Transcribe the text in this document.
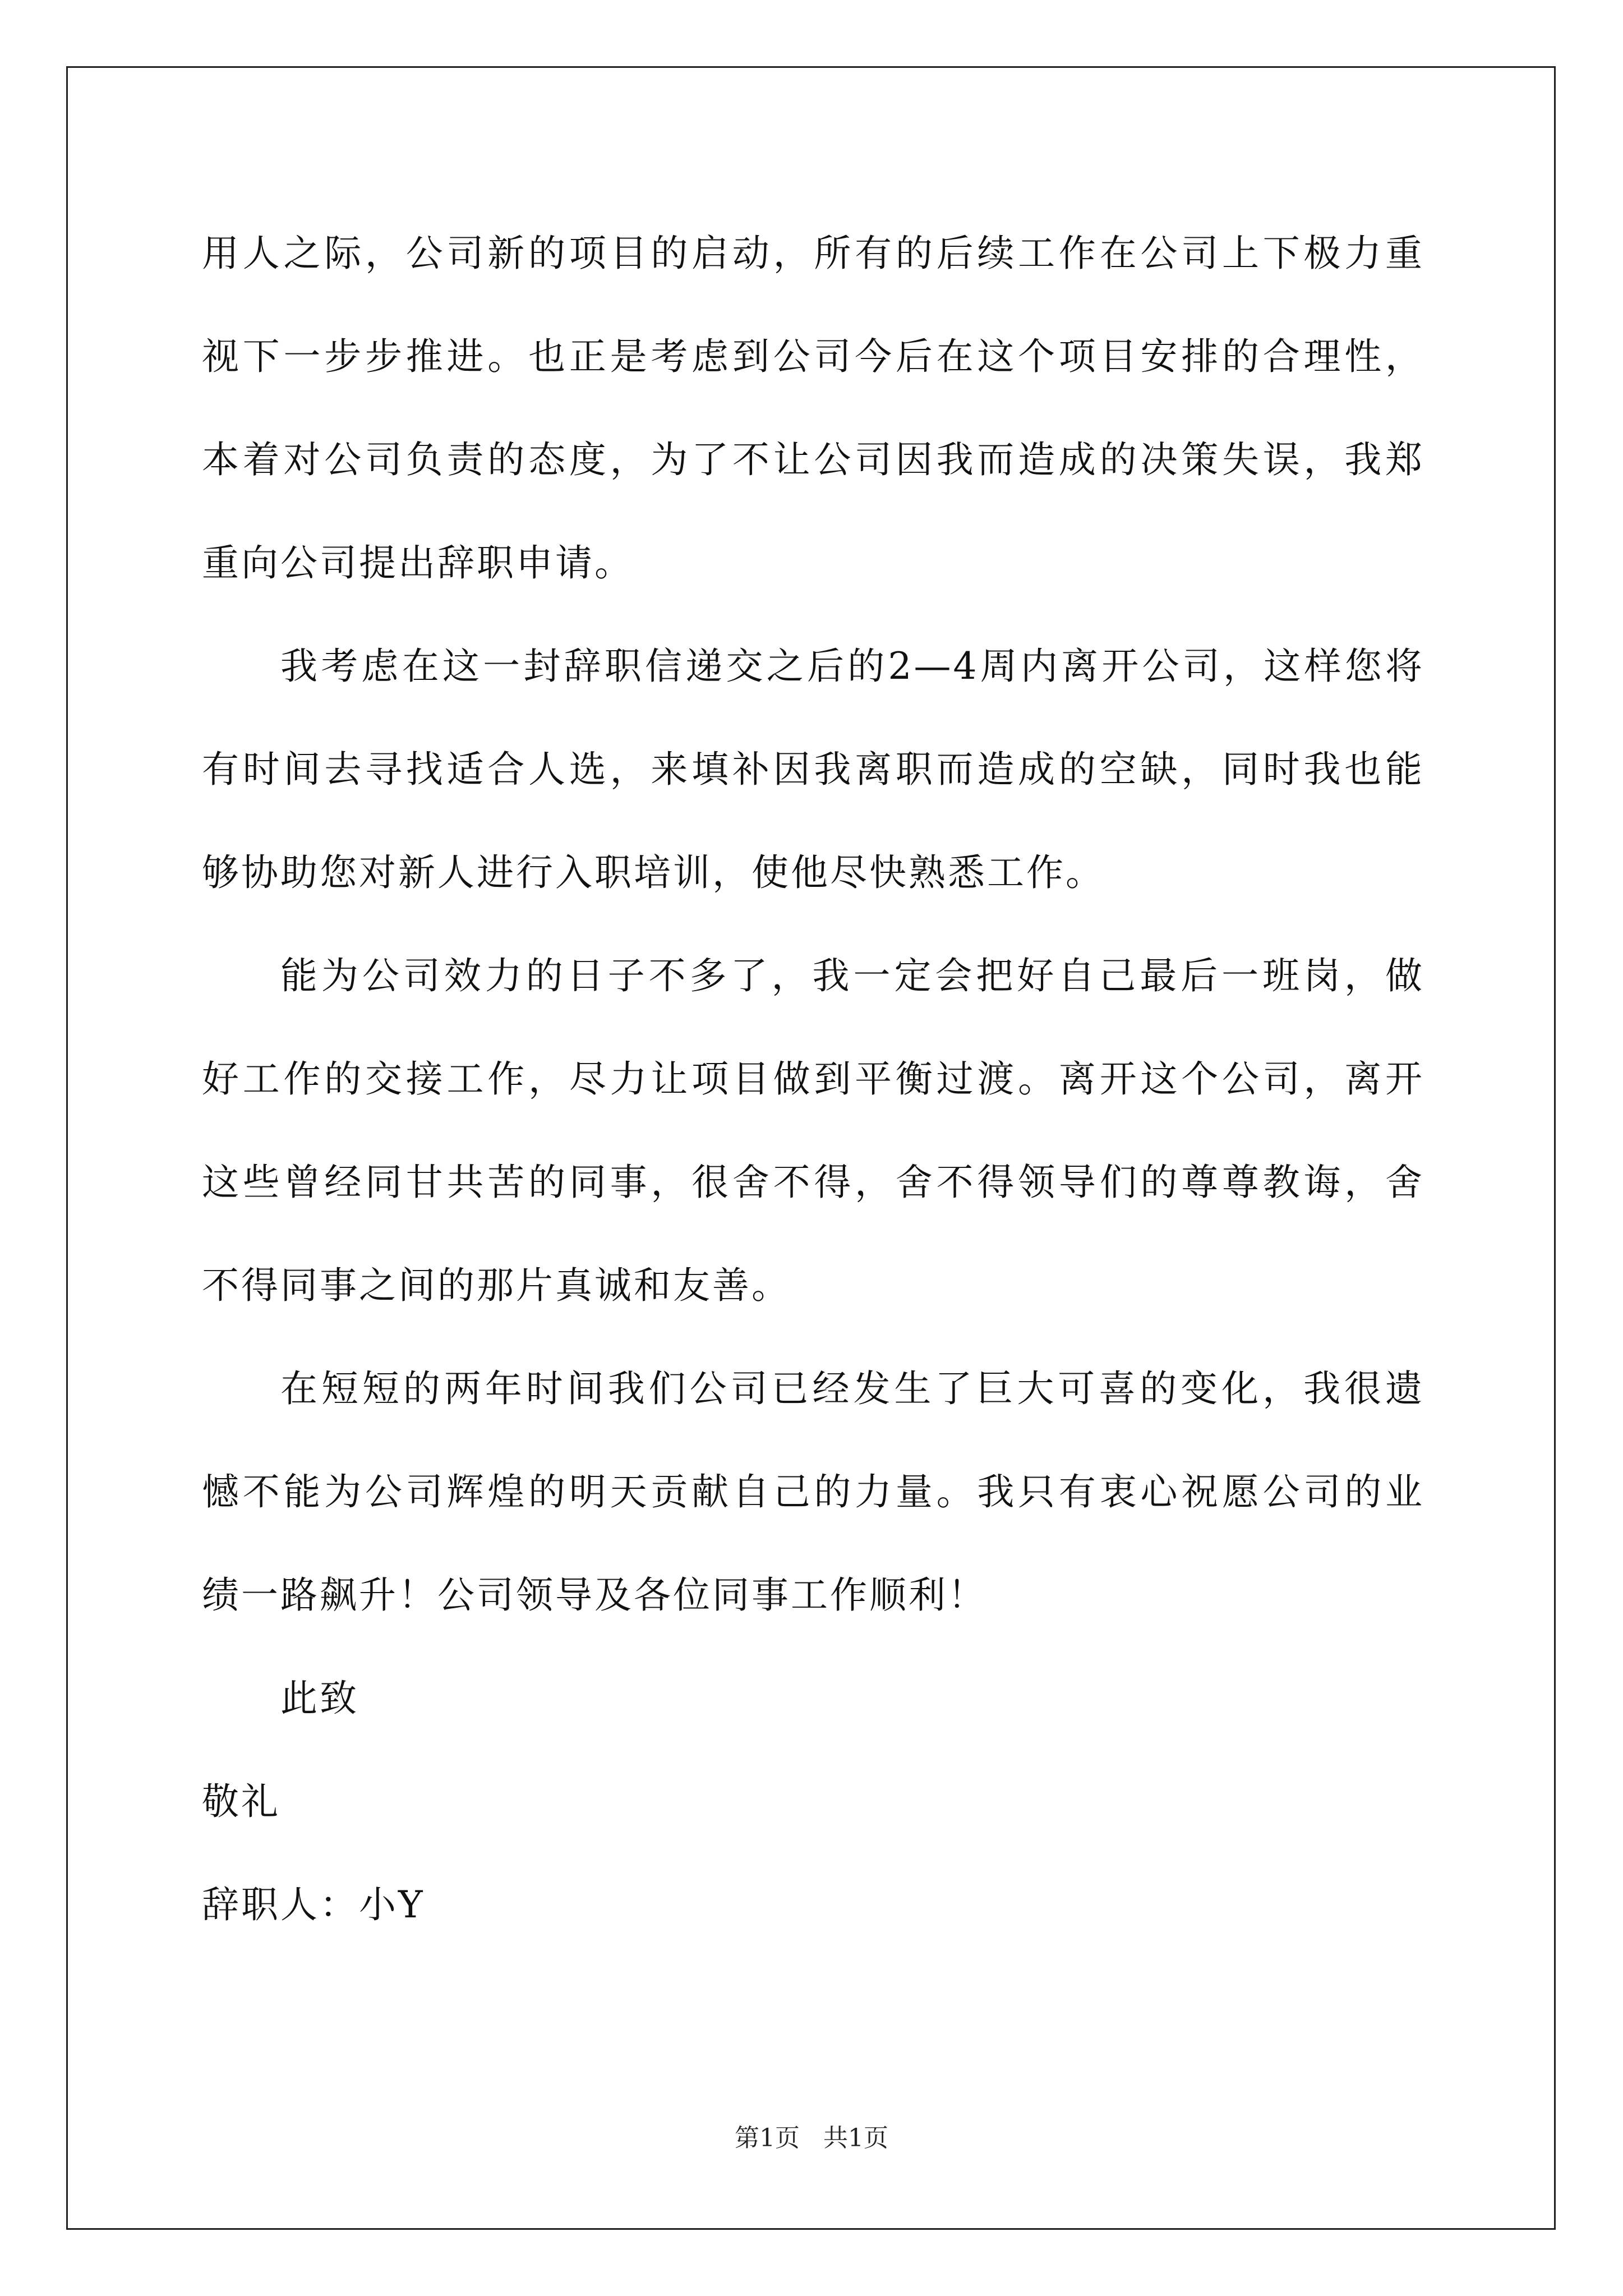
用人之际，公司新的项目的启动，所有的后续工作在公司上下极力重

视下一步步推进。也正是考虑到公司今后在这个项目安排的合理性，

本着对公司负责的态度，为了不让公司因我而造成的决策失误，我郑

重向公司提出辞职申请。

我考虑在这一封辞职信递交之后的2—4周内离开公司，这样您将

有时间去寻找适合人选，来填补因我离职而造成的空缺，同时我也能

够协助您对新人进行入职培训，使他尽快熟悉工作。

能为公司效力的日子不多了，我一定会把好自己最后一班岗，做

好工作的交接工作，尽力让项目做到平衡过渡。离开这个公司，离开

这些曾经同甘共苦的同事，很舍不得，舍不得领导们的尊尊教诲，舍

不得同事之间的那片真诚和友善。

在短短的两年时间我们公司已经发生了巨大可喜的变化，我很遗

憾不能为公司辉煌的明天贡献自己的力量。我只有衷心祝愿公司的业

绩一路飙升！公司领导及各位同事工作顺利！

此致

敬礼

辞职人：小Y

第1页   共1页
